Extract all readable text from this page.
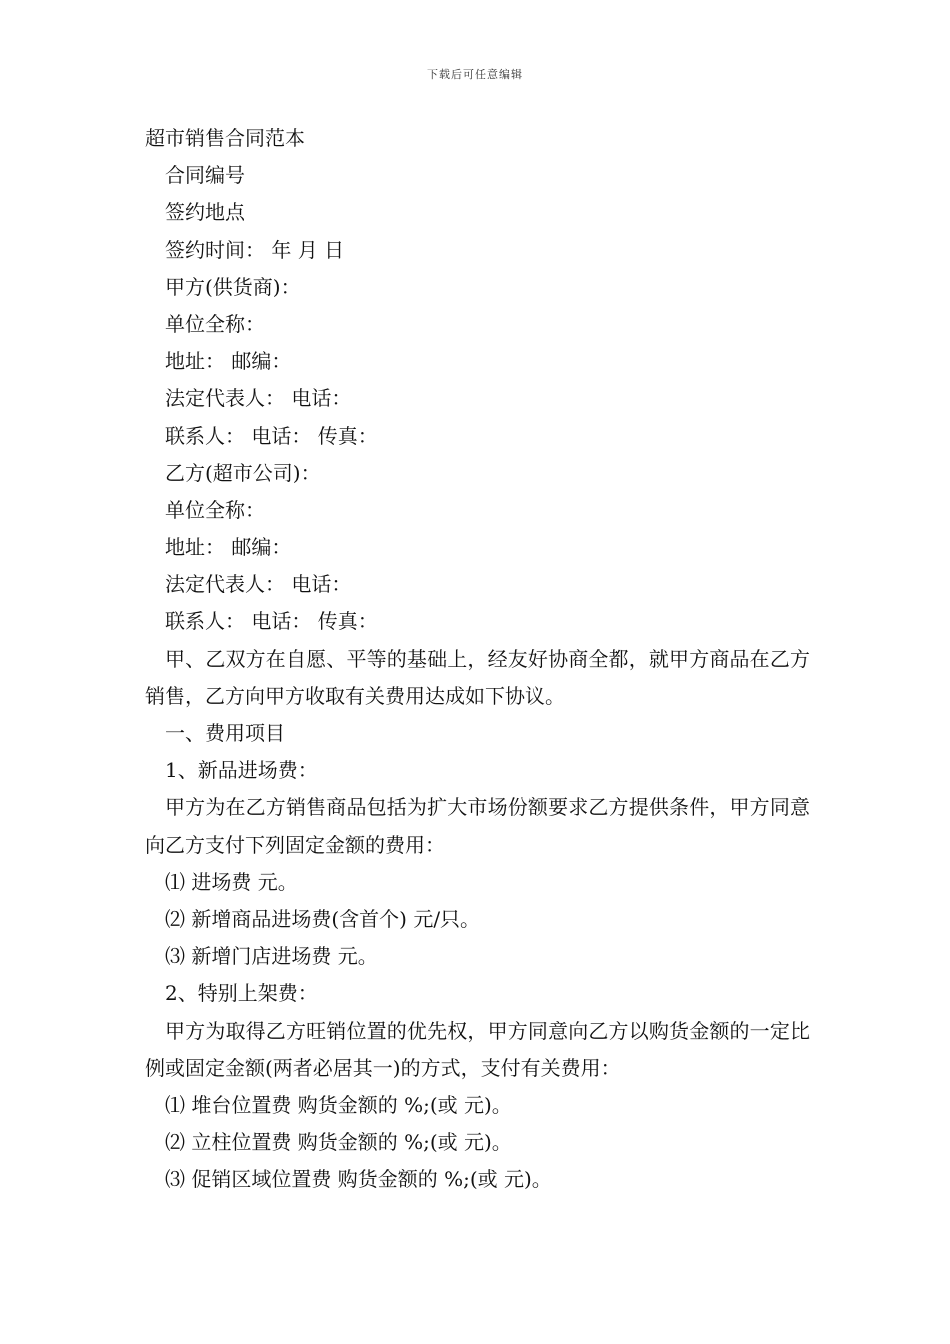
下载后可任意编辑
超市销售合同范本
合同编号
签约地点
签约时间： 年 月 日
甲方(供货商)：
单位全称：
地址： 邮编：
法定代表人： 电话：
联系人： 电话： 传真：
乙方(超市公司)：
单位全称：
地址： 邮编：
法定代表人： 电话：
联系人： 电话： 传真：
甲、乙双方在自愿、平等的基础上，经友好协商全都，就甲方商品在乙方销售，乙方向甲方收取有关费用达成如下协议。
一、费用项目
1、新品进场费：
甲方为在乙方销售商品包括为扩大市场份额要求乙方提供条件，甲方同意向乙方支付下列固定金额的费用：
⑴ 进场费 元。
⑵ 新增商品进场费(含首个) 元/只。
⑶ 新增门店进场费 元。
2、特别上架费：
甲方为取得乙方旺销位置的优先权，甲方同意向乙方以购货金额的一定比例或固定金额(两者必居其一)的方式，支付有关费用：
⑴ 堆台位置费 购货金额的 %;(或 元)。
⑵ 立柱位置费 购货金额的 %;(或 元)。
⑶ 促销区域位置费 购货金额的 %;(或 元)。
